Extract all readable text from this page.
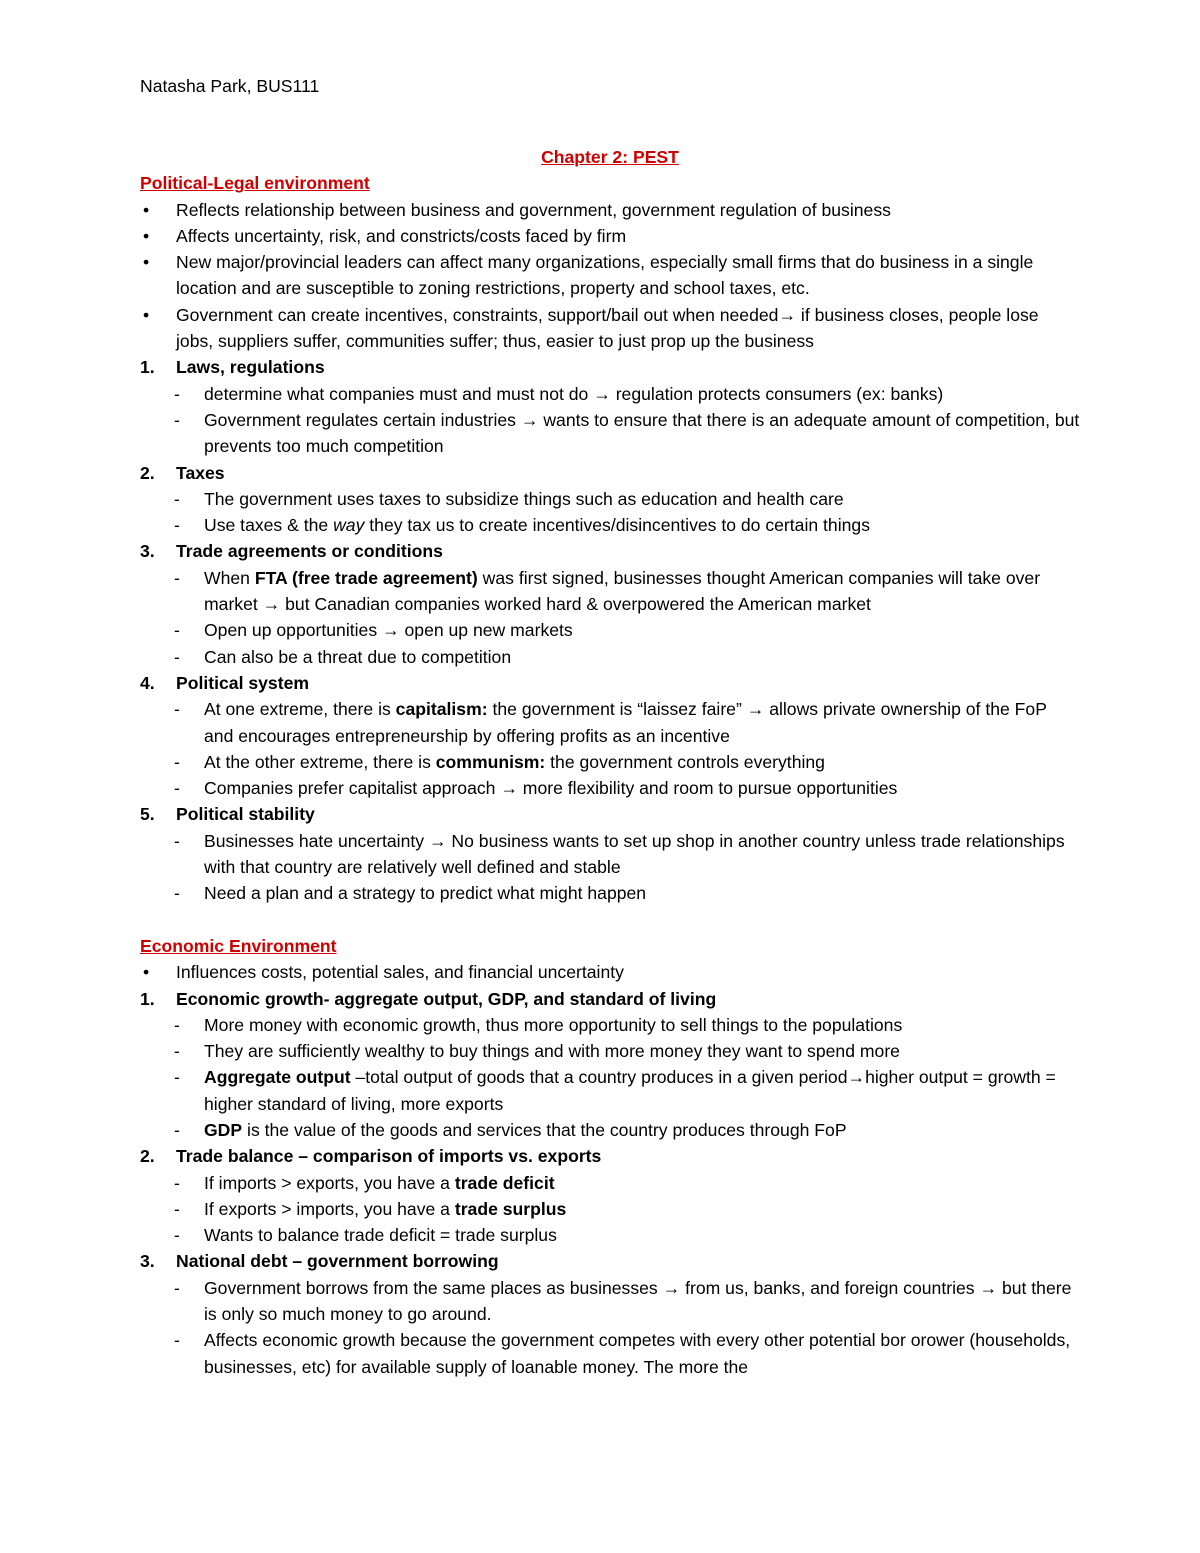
Natasha Park, BUS111
Chapter 2: PEST
Political-Legal environment
• Reflects relationship between business and government, government regulation of business
• Affects uncertainty, risk, and constricts/costs faced by firm
• New major/provincial leaders can affect many organizations, especially small firms that do business in a single location and are susceptible to zoning restrictions, property and school taxes, etc.
• Government can create incentives, constraints, support/bail out when needed→ if business closes, people lose jobs, suppliers suffer, communities suffer; thus, easier to just prop up the business
1. Laws, regulations
- determine what companies must and must not do → regulation protects consumers (ex: banks)
- Government regulates certain industries → wants to ensure that there is an adequate amount of competition, but prevents too much competition
2. Taxes
- The government uses taxes to subsidize things such as education and health care
- Use taxes & the way they tax us to create incentives/disincentives to do certain things
3. Trade agreements or conditions
- When FTA (free trade agreement) was first signed, businesses thought American companies will take over market → but Canadian companies worked hard & overpowered the American market
- Open up opportunities → open up new markets
- Can also be a threat due to competition
4. Political system
- At one extreme, there is capitalism: the government is “laissez faire” → allows private ownership of the FoP and encourages entrepreneurship by offering profits as an incentive
- At the other extreme, there is communism: the government controls everything
- Companies prefer capitalist approach → more flexibility and room to pursue opportunities
5. Political stability
- Businesses hate uncertainty → No business wants to set up shop in another country unless trade relationships with that country are relatively well defined and stable
- Need a plan and a strategy to predict what might happen
Economic Environment
• Influences costs, potential sales, and financial uncertainty
1. Economic growth- aggregate output, GDP, and standard of living
- More money with economic growth, thus more opportunity to sell things to the populations
- They are sufficiently wealthy to buy things and with more money they want to spend more
- Aggregate output –total output of goods that a country produces in a given period→higher output = growth = higher standard of living, more exports
- GDP is the value of the goods and services that the country produces through FoP
2. Trade balance – comparison of imports vs. exports
- If imports > exports, you have a trade deficit
- If exports > imports, you have a trade surplus
- Wants to balance trade deficit = trade surplus
3. National debt – government borrowing
- Government borrows from the same places as businesses → from us, banks, and foreign countries → but there is only so much money to go around.
- Affects economic growth because the government competes with every other potential bor orower (households, businesses, etc) for available supply of loanable money. The more the
